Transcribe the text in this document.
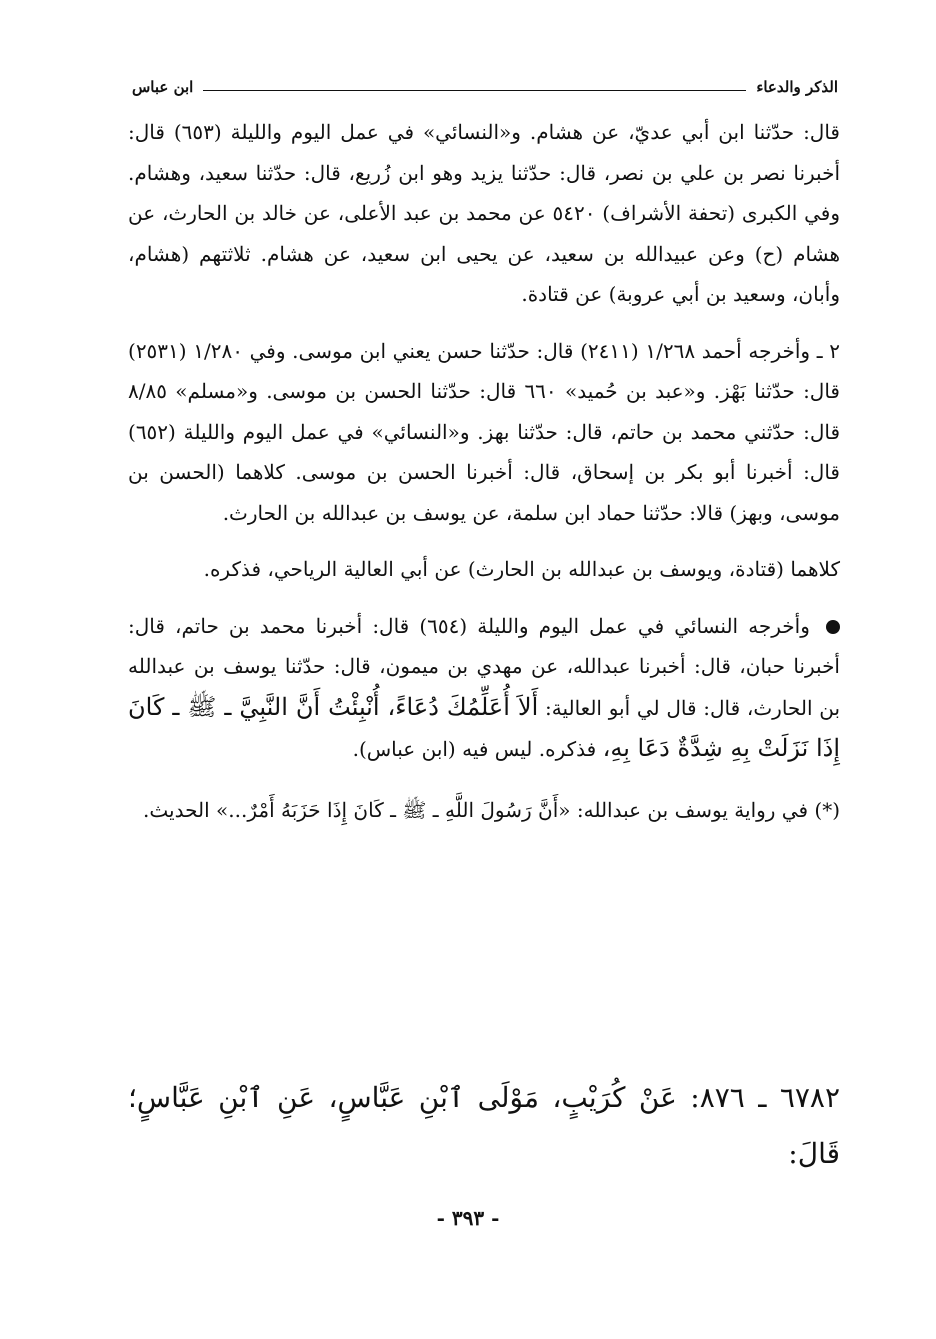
الذكر والدعاء
ابن عباس

قال: حدّثنا ابن أبي عديّ، عن هشام. و«النسائي» في عمل اليوم والليلة (٦٥٣) قال: أخبرنا نصر بن علي بن نصر، قال: حدّثنا يزيد وهو ابن زُريع، قال: حدّثنا سعيد، وهشام. وفي الكبرى (تحفة الأشراف) ٥٤٢٠ عن محمد بن عبد الأعلى، عن خالد بن الحارث، عن هشام (ح) وعن عبيدالله بن سعيد، عن يحيى ابن سعيد، عن هشام. ثلاثتهم (هشام، وأبان، وسعيد بن أبي عروبة) عن قتادة.

٢ ـ وأخرجه أحمد ١/٢٦٨ (٢٤١١) قال: حدّثنا حسن يعني ابن موسى. وفي ١/٢٨٠ (٢٥٣١) قال: حدّثنا بَهْز. و«عبد بن حُميد» ٦٦٠ قال: حدّثنا الحسن بن موسى. و«مسلم» ٨/٨٥ قال: حدّثني محمد بن حاتم، قال: حدّثنا بهز. و«النسائي» في عمل اليوم والليلة (٦٥٢) قال: أخبرنا أبو بكر بن إسحاق، قال: أخبرنا الحسن بن موسى. كلاهما (الحسن بن موسى، وبهز) قالا: حدّثنا حماد ابن سلمة، عن يوسف بن عبدالله بن الحارث.

كلاهما (قتادة، ويوسف بن عبدالله بن الحارث) عن أبي العالية الرياحي، فذكره.

وأخرجه النسائي في عمل اليوم والليلة (٦٥٤) قال: أخبرنا محمد بن حاتم، قال: أخبرنا حبان، قال: أخبرنا عبدالله، عن مهدي بن ميمون، قال: حدّثنا يوسف بن عبدالله بن الحارث، قال: قال لي أبو العالية: أَلاَ أُعَلِّمُكَ دُعَاءً، أُنْبِئْتُ أَنَّ النَّبِيَّ ـ ﷺ ـ كَانَ إِذَا نَزَلَتْ بِهِ شِدَّةٌ دَعَا بِهِ، فذكره. ليس فيه (ابن عباس).

(*) في رواية يوسف بن عبدالله: «أَنَّ رَسُولَ اللَّهِ ـ ﷺ ـ كَانَ إِذَا حَزَبَهُ أَمْرٌ...» الحديث.

٦٧٨٢ ـ ٨٧٦: عَنْ كُرَيْبٍ، مَوْلَى ٱبْنِ عَبَّاسٍ، عَنِ ٱبْنِ عَبَّاسٍ؛ قَالَ:
- ٣٩٣ -
